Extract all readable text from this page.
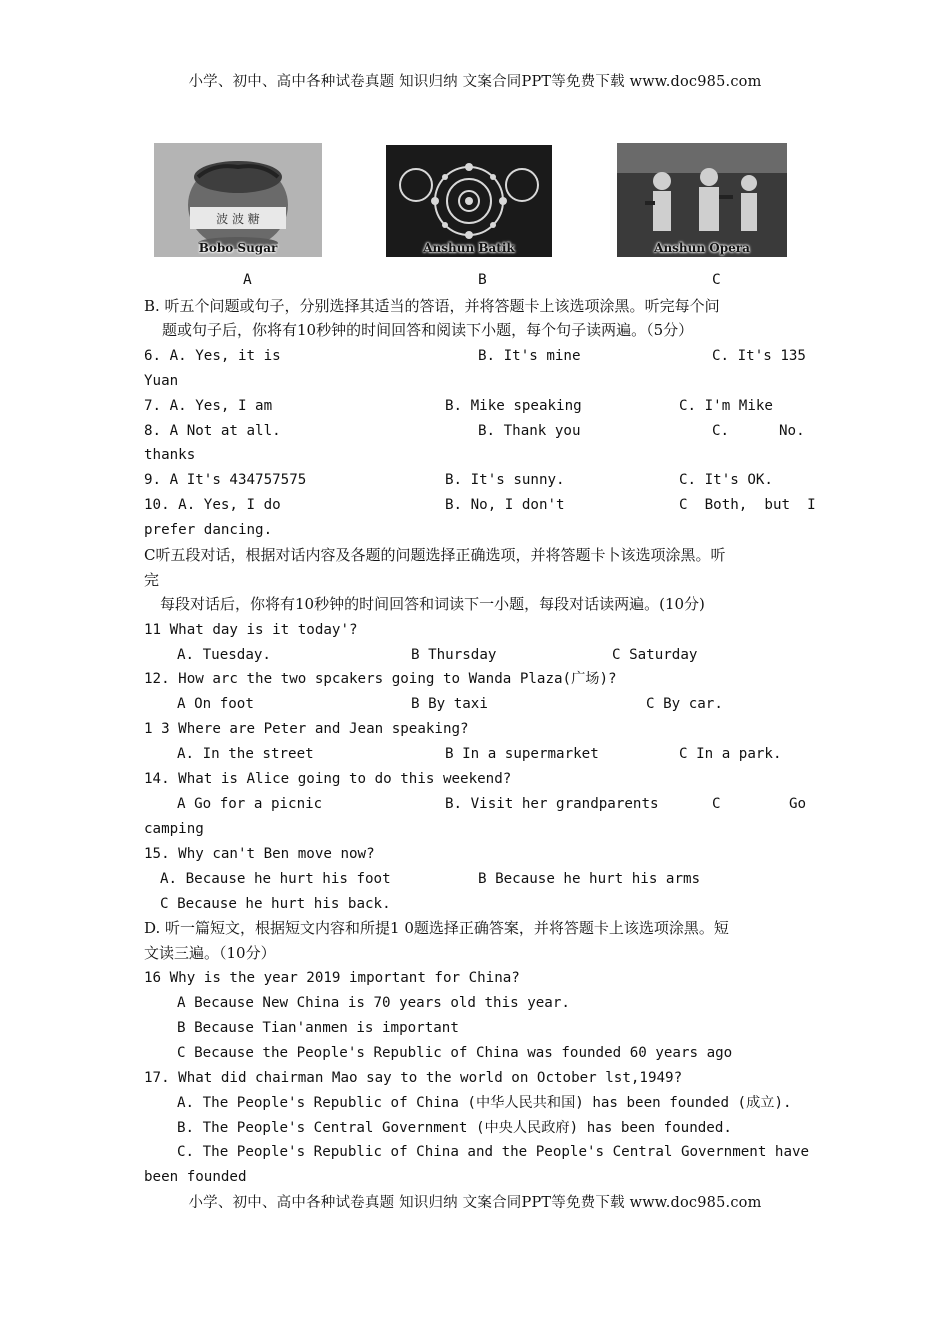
小学、初中、高中各种试卷真题 知识归纳 文案合同PPT等免费下载 www.doc985.com
波 波 糖
Bobo Sugar	Anshun Batik	Anshun Opera
A	B	C
B. 听五个问题或句子，分别选择其适当的答语，并将答题卡上该选项涂黑。听完每个问
题或句子后，你将有10秒钟的时间回答和阅读下小题，每个句子读两遍。（5分）
6. A. Yes, it is	B. It's mine	C. It's 135
Yuan
7. A. Yes, I am	B. Mike speaking	C. I'm Mike
8. A Not at all.	B. Thank you	C.	No.
thanks
9. A It's 434757575	B. It's sunny.	C. It's OK.
10. A. Yes, I do	B. No, I don't	C  Both,  but  I
prefer dancing.
C听五段对话，根据对话内容及各题的问题选择正确选项，并将答题卡卜该选项涂黑。听
完
每段对话后，你将有10秒钟的时间回答和词读下一小题，每段对话读两遍。(10分)
11 What day is it today'?
A. Tuesday.	B Thursday	C Saturday
12. How arc the two spcakers going to Wanda Plaza(广场)?
A On foot	B By taxi	C By car.
1 3 Where are Peter and Jean speaking?
A. In the street	B In a supermarket	C In a park.
14. What is Alice going to do this weekend?
A Go for a picnic	B. Visit her grandparents	C	Go
camping
15. Why can't Ben move now?
A. Because he hurt his foot	B Because he hurt his arms
C Because he hurt his back.
D. 听一篇短文，根据短文内容和所提1 0题选择正确答案，并将答题卡上该选项涂黑。短
文读三遍。（10分）
16 Why is the year 2019 important for China?
A Because New China is 70 years old this year.
B Because Tian'anmen is important
C Because the People's Republic of China was founded 60 years ago
17. What did chairman Mao say to the world on October lst,1949?
A. The People's Republic of China (中华人民共和国) has been founded (成立).
B. The People's Central Government (中央人民政府) has been founded.
C. The People's Republic of China and the People's Central Government have
been founded
小学、初中、高中各种试卷真题 知识归纳 文案合同PPT等免费下载 www.doc985.com
